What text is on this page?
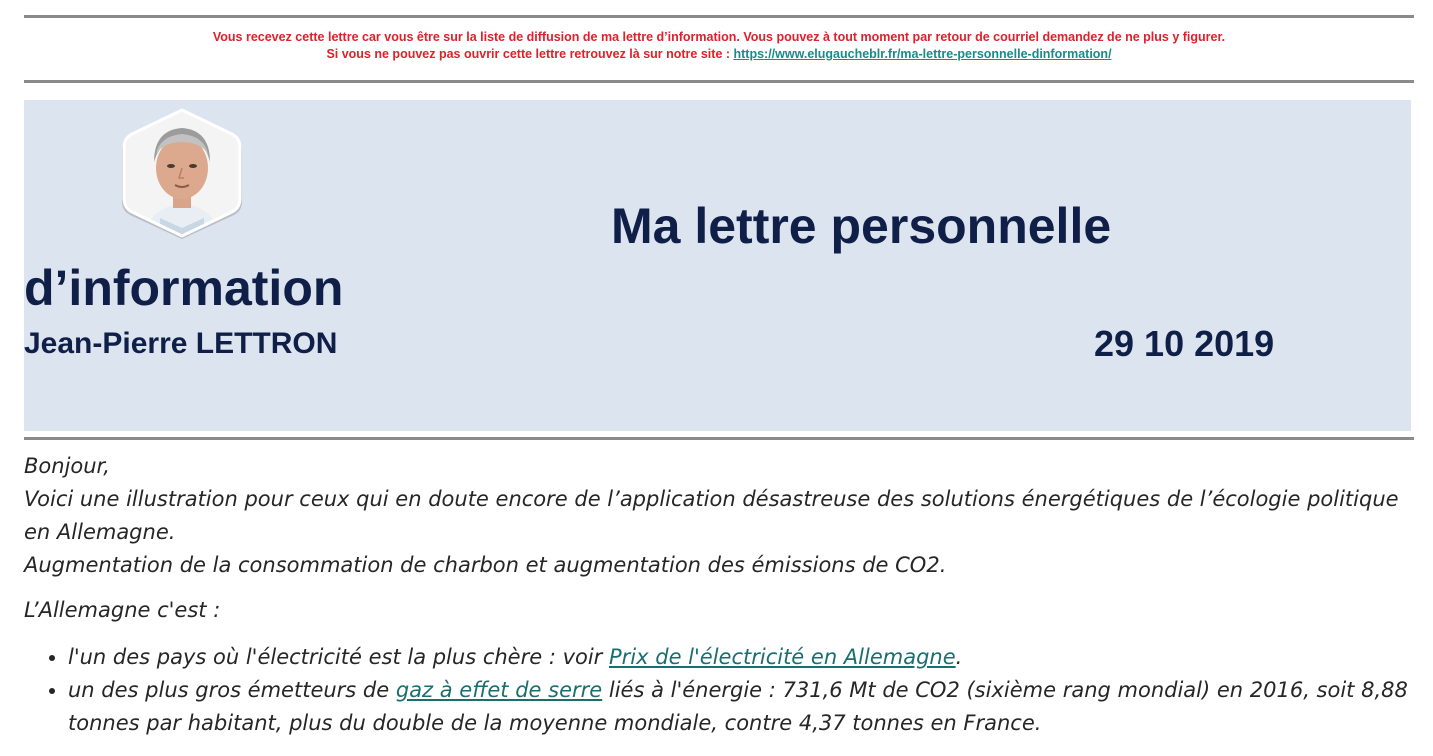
Vous recevez cette lettre car vous être sur la liste de diffusion de ma lettre d’information. Vous pouvez à tout moment par retour de courriel demandez de ne plus y figurer.
Si vous ne pouvez pas ouvrir cette lettre retrouvez là sur notre site : https://www.elugaucheblr.fr/ma-lettre-personnelle-dinformation/
Ma lettre personnelle
d’information
Jean-Pierre LETTRON	29 10 2019

Bonjour,

Voici une illustration pour ceux qui en doute encore de l’application désastreuse des solutions énergétiques de l’écologie politique en Allemagne.

Augmentation de la consommation de charbon et augmentation des émissions de CO2.

L’Allemagne c'est :

• l'un des pays où l'électricité est la plus chère : voir Prix de l'électricité en Allemagne.
• un des plus gros émetteurs de gaz à effet de serre liés à l'énergie : 731,6 Mt de CO2 (sixième rang mondial) en 2016, soit 8,88 tonnes par habitant, plus du double de la moyenne mondiale, contre 4,37 tonnes en France.
